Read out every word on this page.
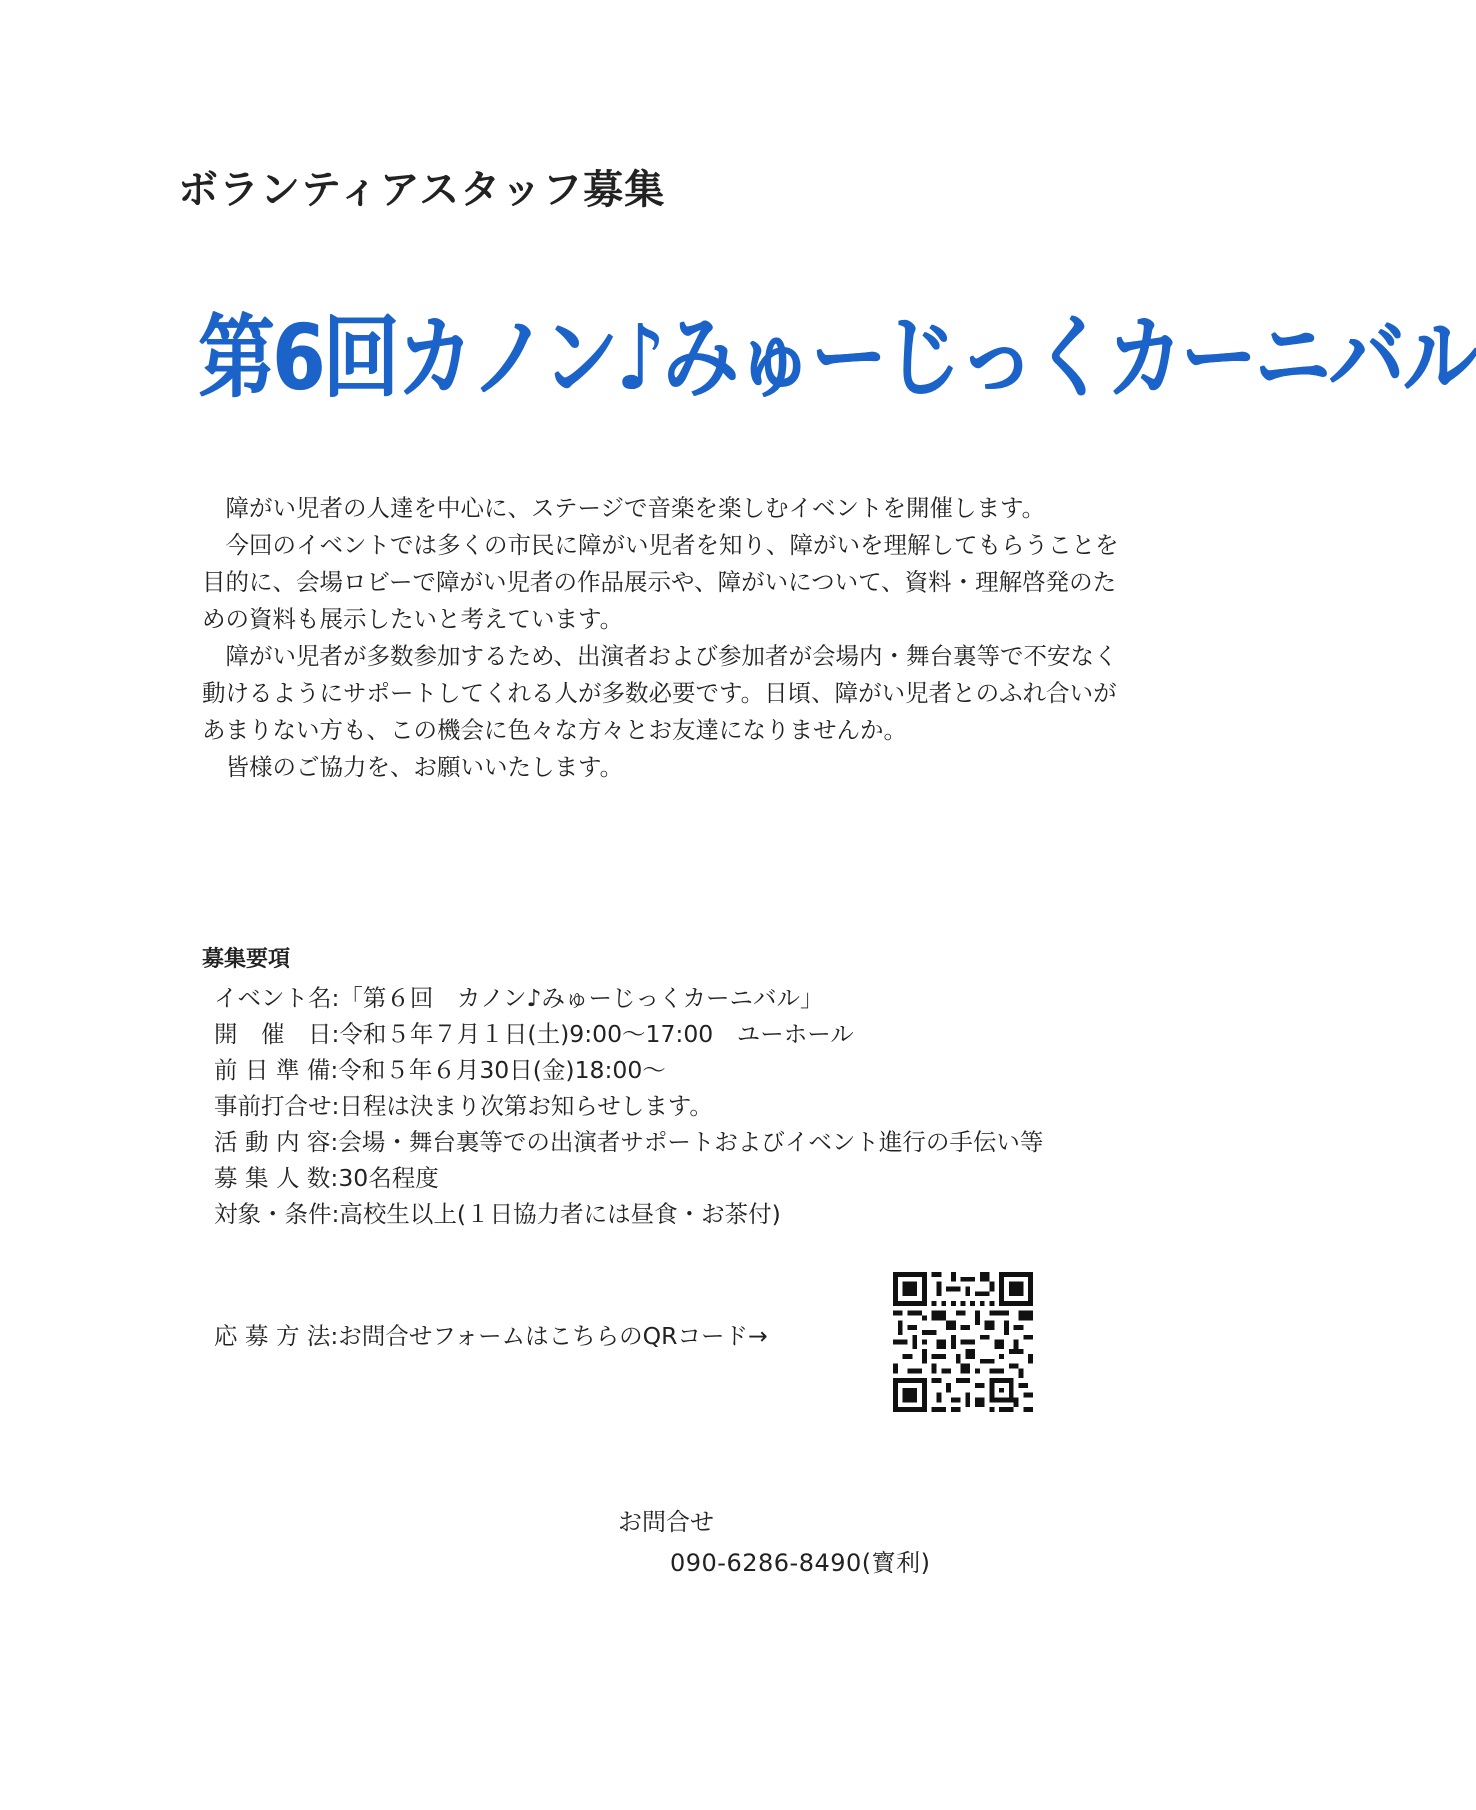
ボランティアスタッフ募集
第6回カノン♪みゅーじっくカーニバル

障がい児者の人達を中心に、ステージで音楽を楽しむイベントを開催します。

今回のイベントでは多くの市民に障がい児者を知り、障がいを理解してもらうことを目的に、会場ロビーで障がい児者の作品展示や、障がいについて、資料・理解啓発のための資料も展示したいと考えています。

障がい児者が多数参加するため、出演者および参加者が会場内・舞台裏等で不安なく動けるようにサポートしてくれる人が多数必要です。日頃、障がい児者とのふれ合いがあまりない方も、この機会に色々な方々とお友達になりませんか。

皆様のご協力を、お願いいたします。

募集要項
イベント名:「第６回　カノン♪みゅーじっくカーニバル」
開　催　日:令和５年７月１日(土)9:00～17:00　ユーホール
前 日 準 備:令和５年６月30日(金)18:00～
事前打合せ:日程は決まり次第お知らせします。
活 動 内 容:会場・舞台裏等での出演者サポートおよびイベント進行の手伝い等
募 集 人 数:30名程度
対象・条件:高校生以上(１日協力者には昼食・お茶付)
応 募 方 法:お問合せフォームはこちらのQRコード→
お問合せ
090-6286-8490(寳利)
